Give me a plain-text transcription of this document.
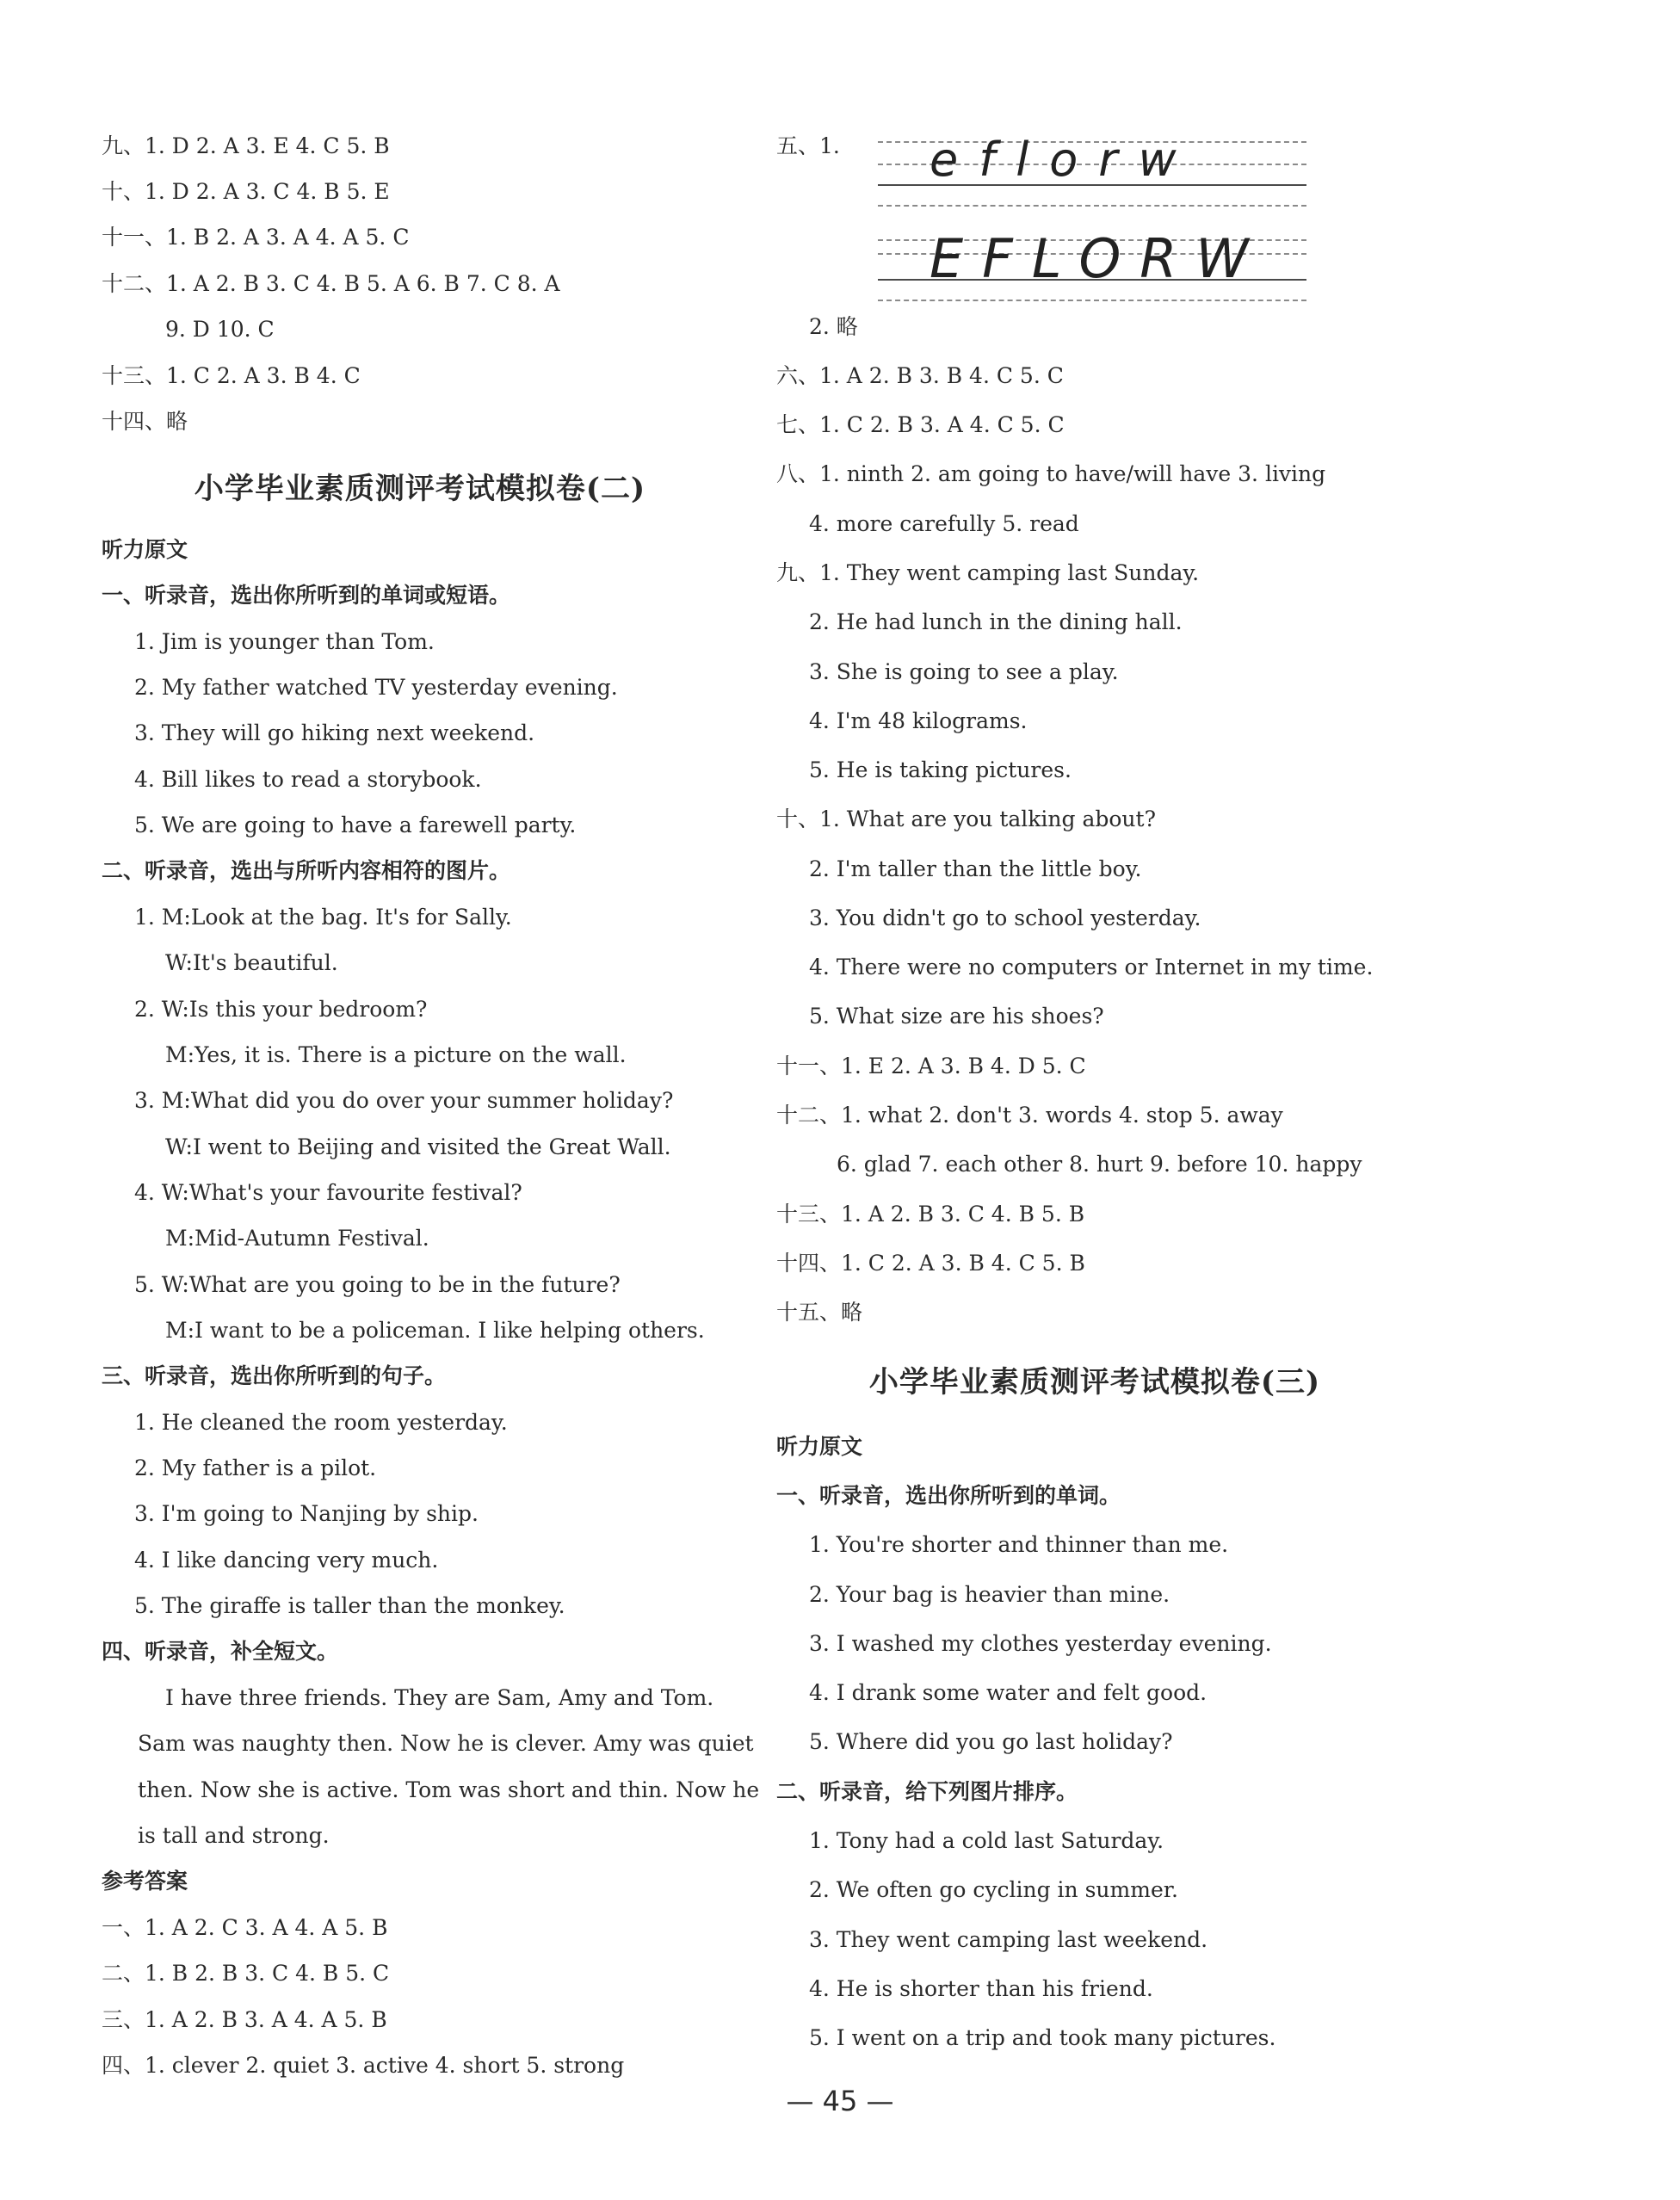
九、1. D 2. A 3. E 4. C 5. B
十、1. D 2. A 3. C 4. B 5. E
十一、1. B 2. A 3. A 4. A 5. C
十二、1. A 2. B 3. C 4. B 5. A 6. B 7. C 8. A
9. D 10. C
十三、1. C 2. A 3. B 4. C
十四、略
小学毕业素质测评考试模拟卷(二)
听力原文
一、听录音，选出你所听到的单词或短语。
1. Jim is younger than Tom.
2. My father watched TV yesterday evening.
3. They will go hiking next weekend.
4. Bill likes to read a storybook.
5. We are going to have a farewell party.
二、听录音，选出与所听内容相符的图片。
1. M:Look at the bag. It's for Sally.
W:It's beautiful.
2. W:Is this your bedroom?
M:Yes, it is. There is a picture on the wall.
3. M:What did you do over your summer holiday?
W:I went to Beijing and visited the Great Wall.
4. W:What's your favourite festival?
M:Mid-Autumn Festival.
5. W:What are you going to be in the future?
M:I want to be a policeman. I like helping others.
三、听录音，选出你所听到的句子。
1. He cleaned the room yesterday.
2. My father is a pilot.
3. I'm going to Nanjing by ship.
4. I like dancing very much.
5. The giraffe is taller than the monkey.
四、听录音，补全短文。
I have three friends. They are Sam, Amy and Tom.
Sam was naughty then. Now he is clever. Amy was quiet
then. Now she is active. Tom was short and thin. Now he
is tall and strong.
参考答案
一、1. A 2. C 3. A 4. A 5. B
二、1. B 2. B 3. C 4. B 5. C
三、1. A 2. B 3. A 4. A 5. B
四、1. clever 2. quiet 3. active 4. short 5. strong
五、1. eflorw
EFLORW
2. 略
六、1. A 2. B 3. B 4. C 5. C
七、1. C 2. B 3. A 4. C 5. C
八、1. ninth 2. am going to have/will have 3. living
4. more carefully 5. read
九、1. They went camping last Sunday.
2. He had lunch in the dining hall.
3. She is going to see a play.
4. I'm 48 kilograms.
5. He is taking pictures.
十、1. What are you talking about?
2. I'm taller than the little boy.
3. You didn't go to school yesterday.
4. There were no computers or Internet in my time.
5. What size are his shoes?
十一、1. E 2. A 3. B 4. D 5. C
十二、1. what 2. don't 3. words 4. stop 5. away
6. glad 7. each other 8. hurt 9. before 10. happy
十三、1. A 2. B 3. C 4. B 5. B
十四、1. C 2. A 3. B 4. C 5. B
十五、略
小学毕业素质测评考试模拟卷(三)
听力原文
一、听录音，选出你所听到的单词。
1. You're shorter and thinner than me.
2. Your bag is heavier than mine.
3. I washed my clothes yesterday evening.
4. I drank some water and felt good.
5. Where did you go last holiday?
二、听录音，给下列图片排序。
1. Tony had a cold last Saturday.
2. We often go cycling in summer.
3. They went camping last weekend.
4. He is shorter than his friend.
5. I went on a trip and took many pictures.
— 45 —
